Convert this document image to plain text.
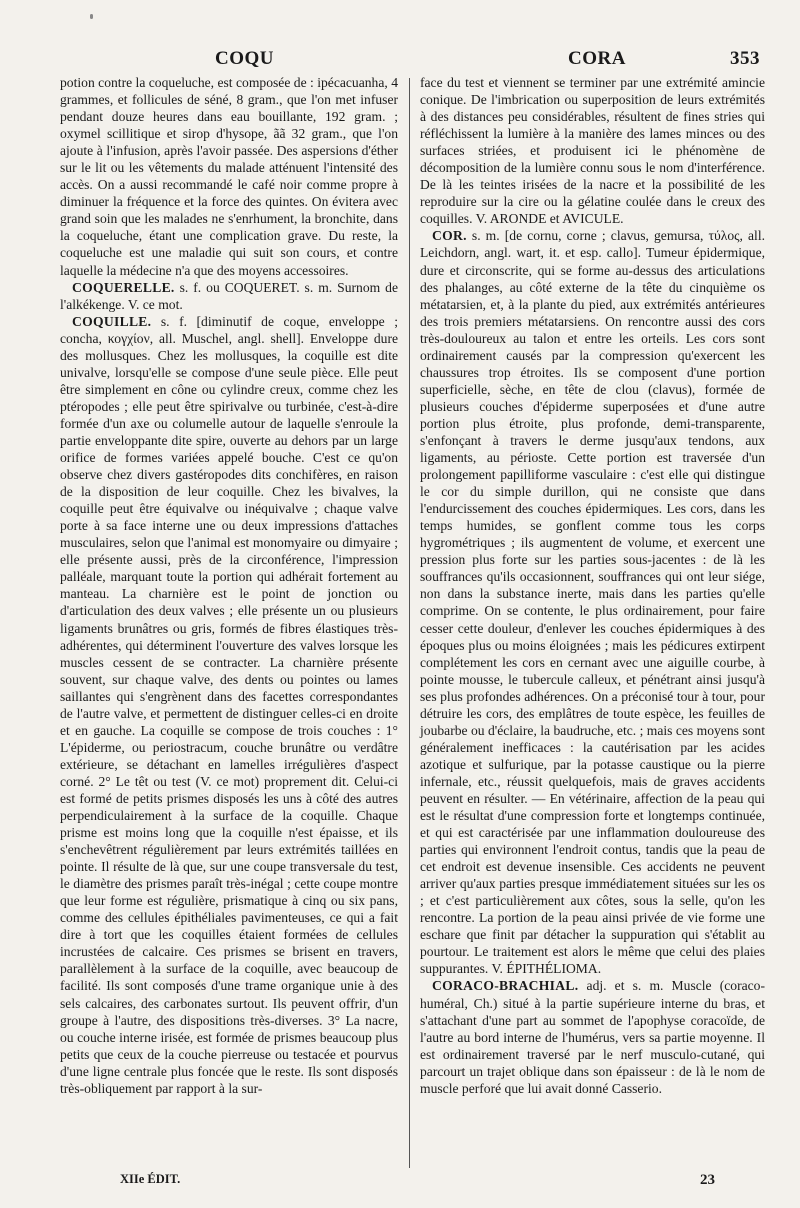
COQU	CORA	353

potion contre la coqueluche, est composée de : ipécacuanha, 4 grammes, et follicules de séné, 8 gram., que l'on met infuser pendant douze heures dans eau bouillante, 192 gram. ; oxymel scillitique et sirop d'hysope, ãã 32 gram., que l'on ajoute à l'infusion, après l'avoir passée. Des aspersions d'éther sur le lit ou les vêtements du malade atténuent l'intensité des accès. On a aussi recommandé le café noir comme propre à diminuer la fréquence et la force des quintes. On évitera avec grand soin que les malades ne s'enrhument, la bronchite, dans la coqueluche, étant une complication grave. Du reste, la coqueluche est une maladie qui suit son cours, et contre laquelle la médecine n'a que des moyens accessoires.

COQUERELLE. s. f. ou COQUERET. s. m. Surnom de l'alkékenge. V. ce mot.

COQUILLE. s. f. [diminutif de coque, enveloppe ; concha, κογχίον, all. Muschel, angl. shell]. Enveloppe dure des mollusques. Chez les mollusques, la coquille est dite univalve, lorsqu'elle se compose d'une seule pièce. Elle peut être simplement en cône ou cylindre creux, comme chez les ptéropodes ; elle peut être spirivalve ou turbinée, c'est-à-dire formée d'un axe ou columelle autour de laquelle s'enroule la partie enveloppante dite spire, ouverte au dehors par un large orifice de formes variées appelé bouche. C'est ce qu'on observe chez divers gastéropodes dits conchifères, en raison de la disposition de leur coquille. Chez les bivalves, la coquille peut être équivalve ou inéquivalve ; chaque valve porte à sa face interne une ou deux impressions d'attaches musculaires, selon que l'animal est monomyaire ou dimyaire ; elle présente aussi, près de la circonférence, l'impression palléale, marquant toute la portion qui adhérait fortement au manteau. La charnière est le point de jonction ou d'articulation des deux valves ; elle présente un ou plusieurs ligaments brunâtres ou gris, formés de fibres élastiques très-adhérentes, qui déterminent l'ouverture des valves lorsque les muscles cessent de se contracter. La charnière présente souvent, sur chaque valve, des dents ou pointes ou lames saillantes qui s'engrènent dans des facettes correspondantes de l'autre valve, et permettent de distinguer celles-ci en droite et en gauche. La coquille se compose de trois couches : 1° L'épiderme, ou periostracum, couche brunâtre ou verdâtre extérieure, se détachant en lamelles irrégulières d'aspect corné. 2° Le têt ou test (V. ce mot) proprement dit. Celui-ci est formé de petits prismes disposés les uns à côté des autres perpendiculairement à la surface de la coquille. Chaque prisme est moins long que la coquille n'est épaisse, et ils s'enchevêtrent régulièrement par leurs extrémités taillées en pointe. Il résulte de là que, sur une coupe transversale du test, le diamètre des prismes paraît très-inégal ; cette coupe montre que leur forme est régulière, prismatique à cinq ou six pans, comme des cellules épithéliales pavimenteuses, ce qui a fait dire à tort que les coquilles étaient formées de cellules incrustées de calcaire. Ces prismes se brisent en travers, parallèlement à la surface de la coquille, avec beaucoup de facilité. Ils sont composés d'une trame organique unie à des sels calcaires, des carbonates surtout. Ils peuvent offrir, d'un groupe à l'autre, des dispositions très-diverses. 3° La nacre, ou couche interne irisée, est formée de prismes beaucoup plus petits que ceux de la couche pierreuse ou testacée et pourvus d'une ligne centrale plus foncée que le reste. Ils sont disposés très-obliquement par rapport à la sur-

face du test et viennent se terminer par une extrémité amincie conique. De l'imbrication ou superposition de leurs extrémités à des distances peu considérables, résultent de fines stries qui réfléchissent la lumière à la manière des lames minces ou des surfaces striées, et produisent ici le phénomène de décomposition de la lumière connu sous le nom d'interférence. De là les teintes irisées de la nacre et la possibilité de les reproduire sur la cire ou la gélatine coulée dans le creux des coquilles. V. ARONDE et AVICULE.

COR. s. m. [de cornu, corne ; clavus, gemursa, τύλος, all. Leichdorn, angl. wart, it. et esp. callo]. Tumeur épidermique, dure et circonscrite, qui se forme au-dessus des articulations des phalanges, au côté externe de la tête du cinquième os métatarsien, et, à la plante du pied, aux extrémités antérieures des trois premiers métatarsiens. On rencontre aussi des cors très-douloureux au talon et entre les orteils. Les cors sont ordinairement causés par la compression qu'exercent les chaussures trop étroites. Ils se composent d'une portion superficielle, sèche, en tête de clou (clavus), formée de plusieurs couches d'épiderme superposées et d'une autre portion plus étroite, plus profonde, demi-transparente, s'enfonçant à travers le derme jusqu'aux tendons, aux ligaments, au périoste. Cette portion est traversée d'un prolongement papilliforme vasculaire : c'est elle qui distingue le cor du simple durillon, qui ne consiste que dans l'endurcissement des couches épidermiques. Les cors, dans les temps humides, se gonflent comme tous les corps hygrométriques ; ils augmentent de volume, et exercent une pression plus forte sur les parties sous-jacentes : de là les souffrances qu'ils occasionnent, souffrances qui ont leur siége, non dans la substance inerte, mais dans les parties qu'elle comprime. On se contente, le plus ordinairement, pour faire cesser cette douleur, d'enlever les couches épidermiques à des époques plus ou moins éloignées ; mais les pédicures extirpent complétement les cors en cernant avec une aiguille courbe, à pointe mousse, le tubercule calleux, et pénétrant ainsi jusqu'à ses plus profondes adhérences. On a préconisé tour à tour, pour détruire les cors, des emplâtres de toute espèce, les feuilles de joubarbe ou d'éclaire, la baudruche, etc. ; mais ces moyens sont généralement inefficaces : la cautérisation par les acides azotique et sulfurique, par la potasse caustique ou la pierre infernale, etc., réussit quelquefois, mais de graves accidents peuvent en résulter. — En vétérinaire, affection de la peau qui est le résultat d'une compression forte et longtemps continuée, et qui est caractérisée par une inflammation douloureuse des parties qui environnent l'endroit contus, tandis que la peau de cet endroit est devenue insensible. Ces accidents ne peuvent arriver qu'aux parties presque immédiatement situées sur les os ; et c'est particulièrement aux côtes, sous la selle, qu'on les rencontre. La portion de la peau ainsi privée de vie forme une eschare que finit par détacher la suppuration qui s'établit au pourtour. Le traitement est alors le même que celui des plaies suppurantes. V. ÉPITHÉLIOMA.

CORACO-BRACHIAL. adj. et s. m. Muscle (coraco-huméral, Ch.) situé à la partie supérieure interne du bras, et s'attachant d'une part au sommet de l'apophyse coracoïde, de l'autre au bord interne de l'humérus, vers sa partie moyenne. Il est ordinairement traversé par le nerf musculo-cutané, qui parcourt un trajet oblique dans son épaisseur : de là le nom de muscle perforé que lui avait donné Casserio.

XIIe ÉDIT.	23
